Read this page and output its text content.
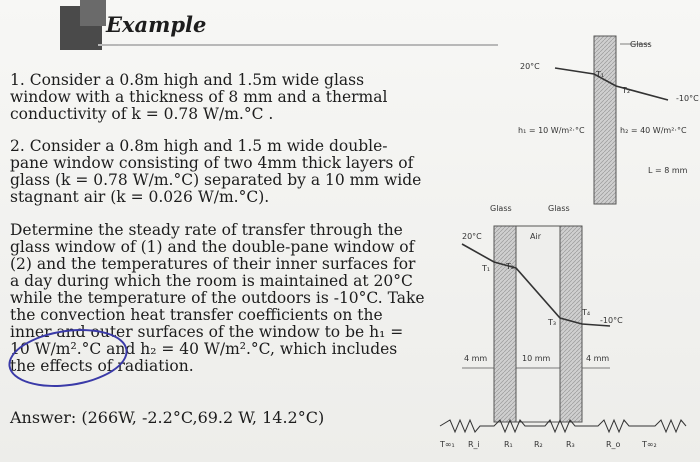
Example
1. Consider a 0.8m high and 1.5m wide glass
window with a thickness of 8 mm and a thermal
conductivity of k = 0.78 W/m.°C .
2. Consider a 0.8m high and 1.5 m wide double-
pane window consisting of two 4mm thick layers of
glass (k = 0.78 W/m.°C) separated by a 10 mm wide
stagnant air (k = 0.026 W/m.°C).
Determine the steady rate of transfer through the
glass window of (1) and the double-pane window of
(2) and the temperatures of their inner surfaces for
a day during which the room is maintained at 20°C
while the temperature of the outdoors is -10°C. Take
the convection heat transfer coefficients on the
inner and outer surfaces of the window to be h₁ =
10 W/m².°C and h₂ = 40 W/m².°C, which includes
the effects of radiation.
Answer: (266W, -2.2°C,69.2 W, 14.2°C)
Glass
20°C
T₁
T₂
-10°C
h₁ = 10 W/m²·°C	h₂ = 40 W/m²·°C
L = 8 mm
Glass	Glass
Air
20°C
T₁ T₂
T₃
T₄
-10°C
4 mm	10 mm	4 mm
T∞₁ R_i	R₁	R₂	R₃	R_o	T∞₂
